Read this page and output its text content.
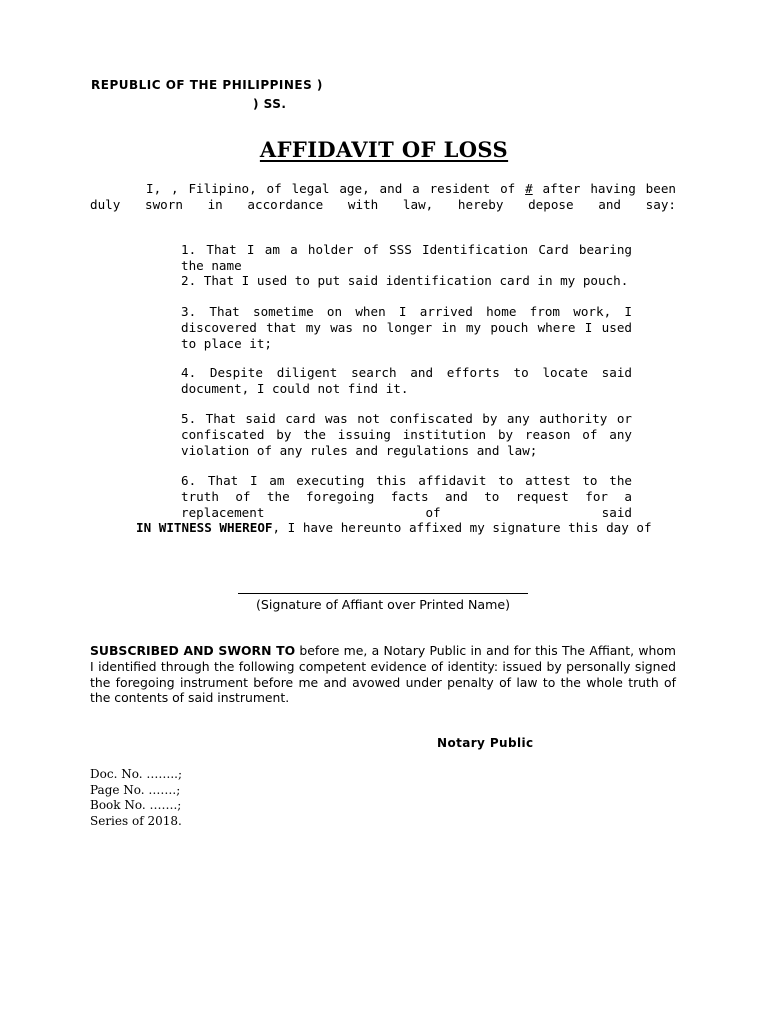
REPUBLIC OF THE PHILIPPINES )
) SS.
AFFIDAVIT OF LOSS
I, , Filipino, of legal age, and a resident of # after having been duly sworn in accordance with law, hereby depose and say:
1. That I am a holder of SSS Identification Card bearing the name
2. That I used to put said identification card in my pouch.
3. That sometime on when I arrived home from work, I discovered that my was no longer in my pouch where I used to place it;
4. Despite diligent search and efforts to locate said document, I could not find it.
5. That said card was not confiscated by any authority or confiscated by the issuing institution by reason of any violation of any rules and regulations and law;
6. That I am executing this affidavit to attest to the truth of the foregoing facts and to request for a replacement of said
IN WITNESS WHEREOF, I have hereunto affixed my signature this day of
(Signature of Affiant over Printed Name)
SUBSCRIBED AND SWORN TO before me, a Notary Public in and for this The Affiant, whom I identified through the following competent evidence of identity: issued by personally signed the foregoing instrument before me and avowed under penalty of law to the whole truth of the contents of said instrument.
Notary Public
Doc. No. ……..;
Page No. …….;
Book No. …….;
Series of 2018.
